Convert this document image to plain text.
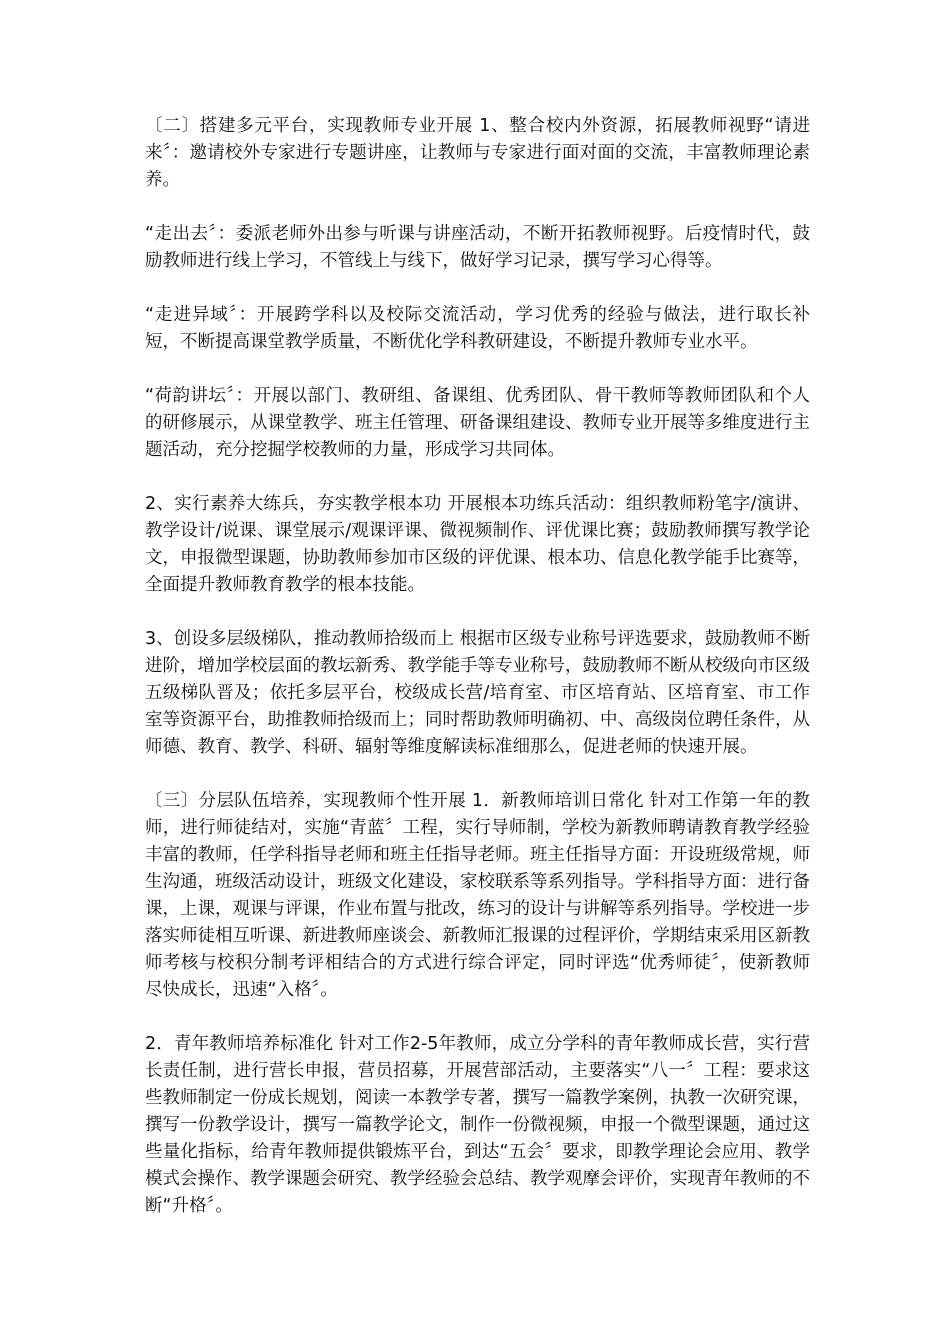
〔二〕搭建多元平台，实现教师专业开展 1、整合校内外资源，拓展教师视野“请进来〞：邀请校外专家进行专题讲座，让教师与专家进行面对面的交流，丰富教师理论素养。

“走出去〞：委派老师外出参与听课与讲座活动，不断开拓教师视野。后疫情时代，鼓励教师进行线上学习，不管线上与线下，做好学习记录，撰写学习心得等。

“走进异域〞：开展跨学科以及校际交流活动，学习优秀的经验与做法，进行取长补短，不断提高课堂教学质量，不断优化学科教研建设，不断提升教师专业水平。

“荷韵讲坛〞：开展以部门、教研组、备课组、优秀团队、骨干教师等教师团队和个人的研修展示，从课堂教学、班主任管理、研备课组建设、教师专业开展等多维度进行主题活动，充分挖掘学校教师的力量，形成学习共同体。

2、实行素养大练兵，夯实教学根本功 开展根本功练兵活动：组织教师粉笔字/演讲、教学设计/说课、课堂展示/观课评课、微视频制作、评优课比赛；鼓励教师撰写教学论文，申报微型课题，协助教师参加市区级的评优课、根本功、信息化教学能手比赛等，全面提升教师教育教学的根本技能。

3、创设多层级梯队，推动教师拾级而上 根据市区级专业称号评选要求，鼓励教师不断进阶，增加学校层面的教坛新秀、教学能手等专业称号，鼓励教师不断从校级向市区级五级梯队晋及；依托多层平台，校级成长营/培育室、市区培育站、区培育室、市工作室等资源平台，助推教师拾级而上；同时帮助教师明确初、中、高级岗位聘任条件，从师德、教育、教学、科研、辐射等维度解读标准细那么，促进老师的快速开展。

〔三〕分层队伍培养，实现教师个性开展 1．新教师培训日常化 针对工作第一年的教师，进行师徒结对，实施“青蓝〞工程，实行导师制，学校为新教师聘请教育教学经验丰富的教师，任学科指导老师和班主任指导老师。班主任指导方面：开设班级常规，师生沟通，班级活动设计，班级文化建设，家校联系等系列指导。学科指导方面：进行备课，上课，观课与评课，作业布置与批改，练习的设计与讲解等系列指导。学校进一步落实师徒相互听课、新进教师座谈会、新教师汇报课的过程评价，学期结束采用区新教师考核与校积分制考评相结合的方式进行综合评定，同时评选“优秀师徒〞，使新教师尽快成长，迅速“入格〞。

2．青年教师培养标准化 针对工作2-5年教师，成立分学科的青年教师成长营，实行营长责任制，进行营长申报，营员招募，开展营部活动，主要落实“八一〞工程：要求这些教师制定一份成长规划，阅读一本教学专著，撰写一篇教学案例，执教一次研究课，撰写一份教学设计，撰写一篇教学论文，制作一份微视频，申报一个微型课题，通过这些量化指标，给青年教师提供锻炼平台，到达“五会〞要求，即教学理论会应用、教学模式会操作、教学课题会研究、教学经验会总结、教学观摩会评价，实现青年教师的不断“升格〞。
